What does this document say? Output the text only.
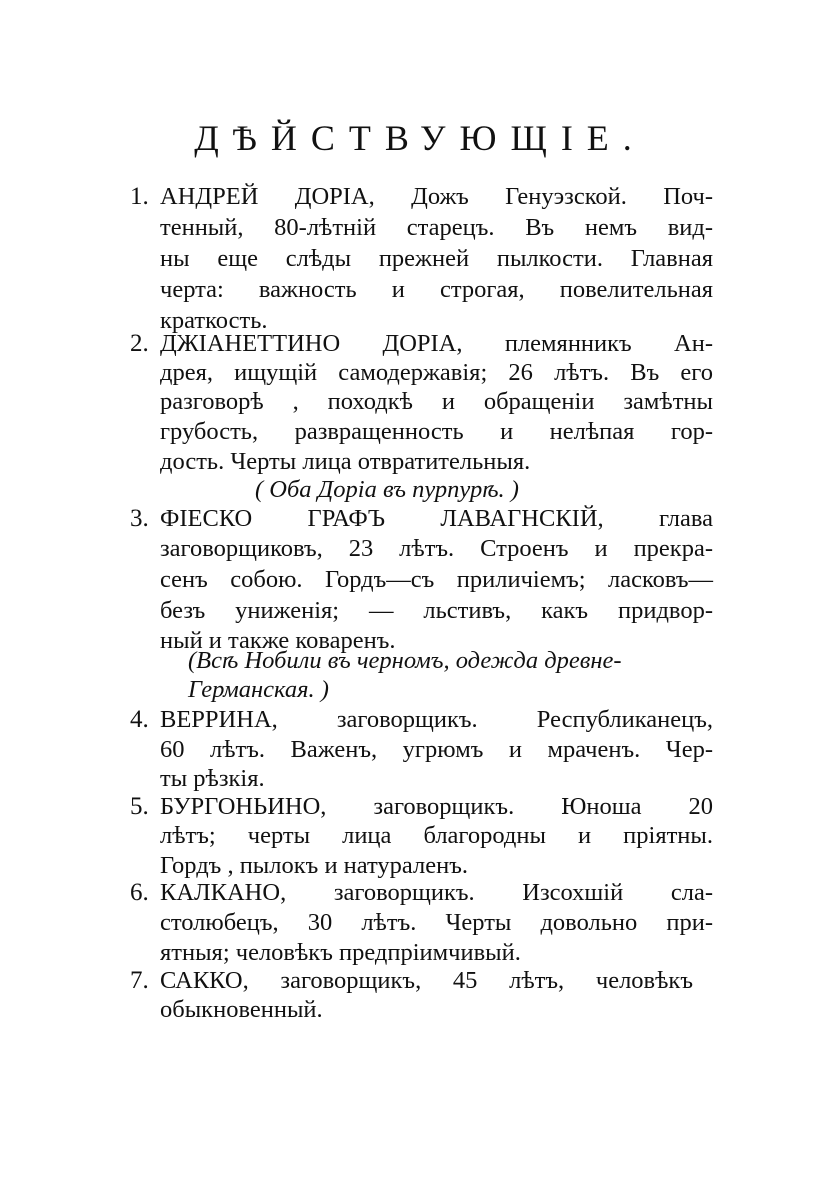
ДѢЙСТВУЮЩІЕ.
1. АНДРЕЙ ДОРІА, Дожъ Генуэзской. Поч-
тенный, 80-лѣтній старецъ. Въ немъ вид-
ны еще слѣды прежней пылкости. Главная
черта: важность и строгая, повелительная
краткость.
2. ДЖІАНЕТТИНО ДОРІА, племянникъ Ан-
дрея, ищущій самодержавія; 26 лѣтъ. Въ его
разговорѣ , походкѣ и обращеніи замѣтны
грубость, развращенность и нелѣпая гор-
дость. Черты лица отвратительныя.
( Оба Доріа въ пурпурѣ. )
3. ФІЕСКО ГРАФЪ ЛАВАГНСКІЙ, глава
заговорщиковъ, 23 лѣтъ. Строенъ и прекра-
сенъ собою. Гордъ—съ приличіемъ; ласковъ—
безъ униженія; — льстивъ, какъ придвор-
ный и также коваренъ.
(Всѣ Нобили въ черномъ, одежда древне-
Германская. )
4. ВЕРРИНА, заговорщикъ. Республиканецъ,
60 лѣтъ. Важенъ, угрюмъ и мраченъ. Чер-
ты рѣзкія.
5. БУРГОНЬИНО, заговорщикъ. Юноша 20
лѣтъ; черты лица благородны и пріятны.
Гордъ , пылокъ и натураленъ.
6. КАЛКАНО, заговорщикъ. Изсохшій сла-
столюбецъ, 30 лѣтъ. Черты довольно при-
ятныя; человѣкъ предпріимчивый.
7. САККО, заговорщикъ, 45 лѣтъ, человѣкъ
обыкновенный.
